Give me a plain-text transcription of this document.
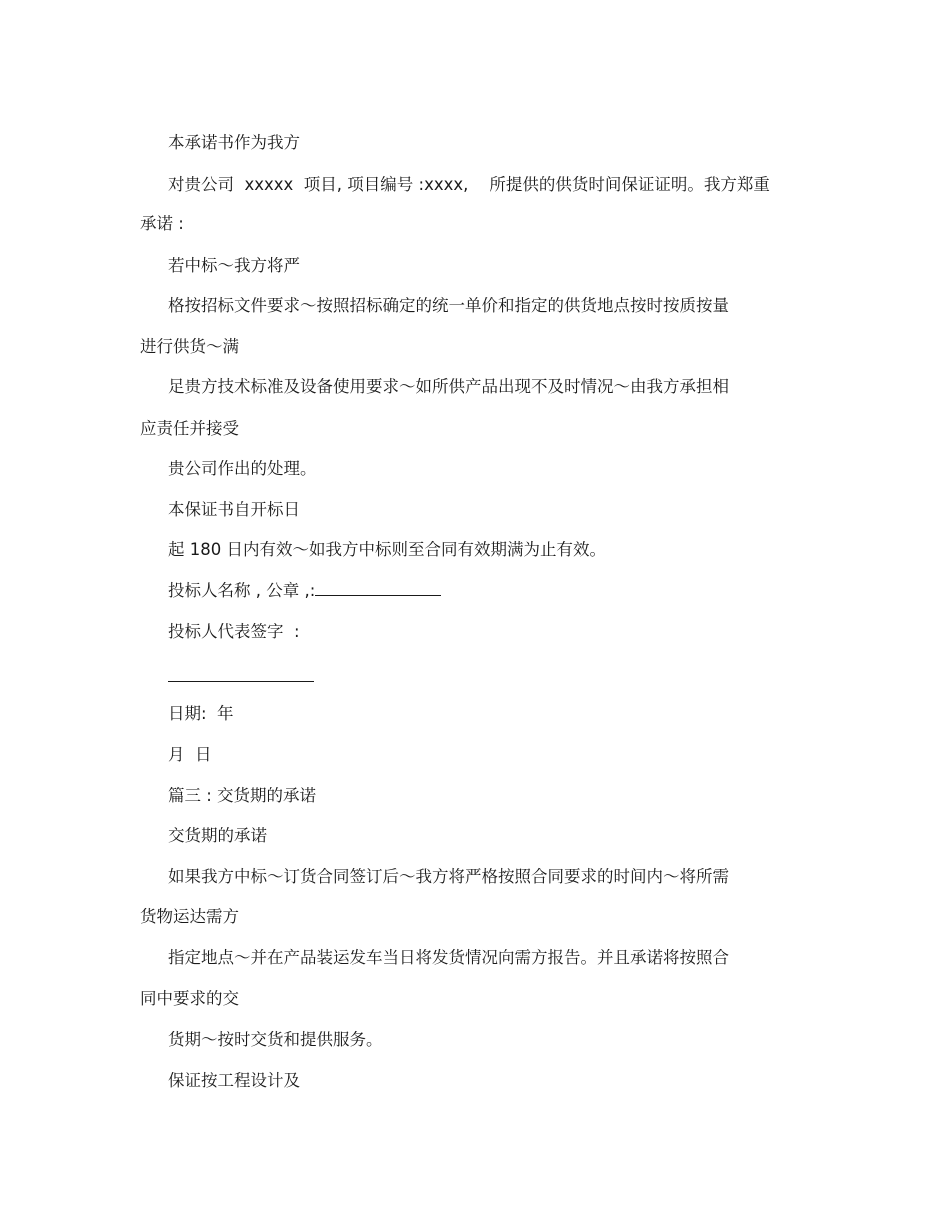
本承诺书作为我方

对贵公司  xxxxx  项目, 项目编号 :xxxx,    所提供的供货时间保证证明。我方郑重

承诺 :

若中标～我方将严

格按招标文件要求～按照招标确定的统一单价和指定的供货地点按时按质按量

进行供货～满

足贵方技术标准及设备使用要求～如所供产品出现不及时情况～由我方承担相

应责任并接受

贵公司作出的处理。

本保证书自开标日

起 180 日内有效～如我方中标则至合同有效期满为止有效。

投标人名称 , 公章 ,:

投标人代表签字  :

日期:  年

月  日

篇三 : 交货期的承诺

交货期的承诺

如果我方中标～订货合同签订后～我方将严格按照合同要求的时间内～将所需

货物运达需方

指定地点～并在产品装运发车当日将发货情况向需方报告。并且承诺将按照合

同中要求的交

货期～按时交货和提供服务。

保证按工程设计及
